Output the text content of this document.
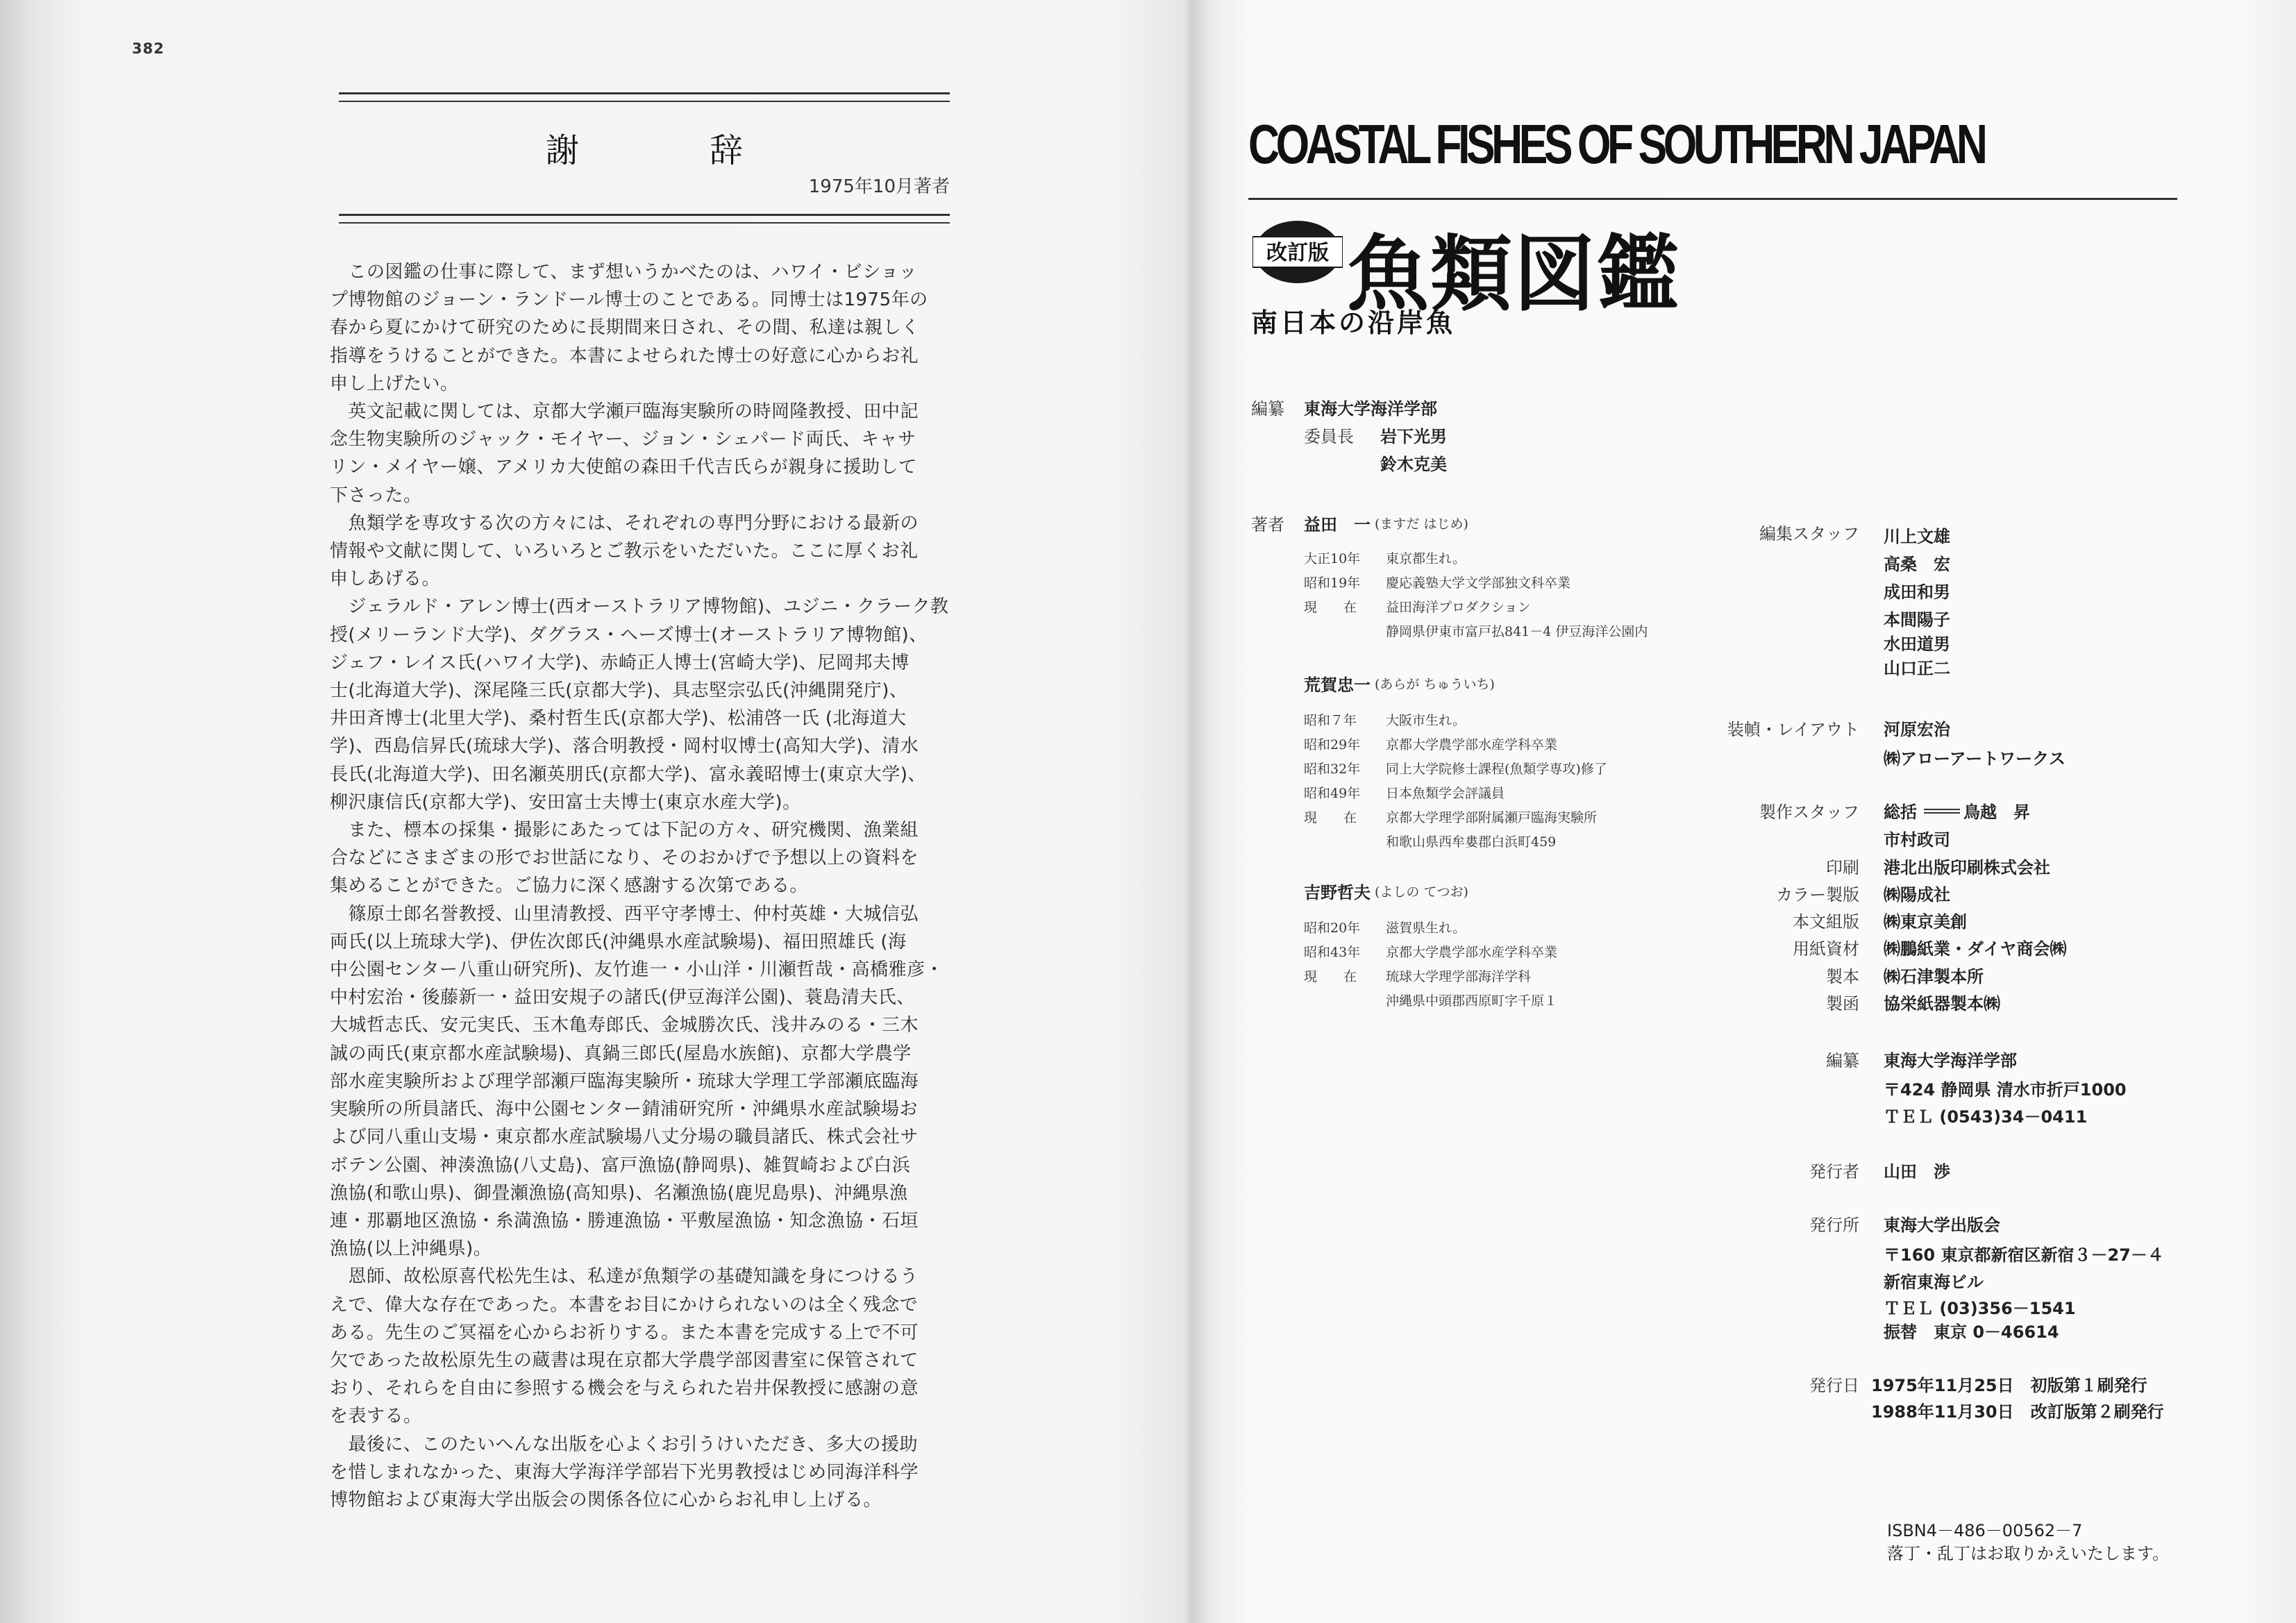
382
謝　辞
1975年10月著者
　この図鑑の仕事に際して、まず想いうかべたのは、ハワイ・ビショッ
プ博物館のジョーン・ランドール博士のことである。同博士は1975年の
春から夏にかけて研究のために長期間来日され、その間、私達は親しく
指導をうけることができた。本書によせられた博士の好意に心からお礼
申し上げたい。
　英文記載に関しては、京都大学瀬戸臨海実験所の時岡隆教授、田中記
念生物実験所のジャック・モイヤー、ジョン・シェパード両氏、キャサ
リン・メイヤー嬢、アメリカ大使館の森田千代吉氏らが親身に援助して
下さった。
　魚類学を専攻する次の方々には、それぞれの専門分野における最新の
情報や文献に関して、いろいろとご教示をいただいた。ここに厚くお礼
申しあげる。
　ジェラルド・アレン博士(西オーストラリア博物館)、ユジニ・クラーク教
授(メリーランド大学)、ダグラス・ヘーズ博士(オーストラリア博物館)、
ジェフ・レイス氏(ハワイ大学)、赤崎正人博士(宮崎大学)、尼岡邦夫博
士(北海道大学)、深尾隆三氏(京都大学)、具志堅宗弘氏(沖縄開発庁)、
井田斉博士(北里大学)、桑村哲生氏(京都大学)、松浦啓一氏 (北海道大
学)、西島信昇氏(琉球大学)、落合明教授・岡村収博士(高知大学)、清水
長氏(北海道大学)、田名瀬英朋氏(京都大学)、富永義昭博士(東京大学)、
柳沢康信氏(京都大学)、安田富士夫博士(東京水産大学)。
　また、標本の採集・撮影にあたっては下記の方々、研究機関、漁業組
合などにさまざまの形でお世話になり、そのおかげで予想以上の資料を
集めることができた。ご協力に深く感謝する次第である。
　篠原士郎名誉教授、山里清教授、西平守孝博士、仲村英雄・大城信弘
両氏(以上琉球大学)、伊佐次郎氏(沖縄県水産試験場)、福田照雄氏 (海
中公園センター八重山研究所)、友竹進一・小山洋・川瀬哲哉・高橋雅彦・
中村宏治・後藤新一・益田安規子の諸氏(伊豆海洋公園)、蓑島清夫氏、
大城哲志氏、安元実氏、玉木亀寿郎氏、金城勝次氏、浅井みのる・三木
誠の両氏(東京都水産試験場)、真鍋三郎氏(屋島水族館)、京都大学農学
部水産実験所および理学部瀬戸臨海実験所・琉球大学理工学部瀬底臨海
実験所の所員諸氏、海中公園センター錆浦研究所・沖縄県水産試験場お
よび同八重山支場・東京都水産試験場八丈分場の職員諸氏、株式会社サ
ボテン公園、神湊漁協(八丈島)、富戸漁協(静岡県)、雑賀崎および白浜
漁協(和歌山県)、御畳瀬漁協(高知県)、名瀬漁協(鹿児島県)、沖縄県漁
連・那覇地区漁協・糸満漁協・勝連漁協・平敷屋漁協・知念漁協・石垣
漁協(以上沖縄県)。
　恩師、故松原喜代松先生は、私達が魚類学の基礎知識を身につけるう
えで、偉大な存在であった。本書をお目にかけられないのは全く残念で
ある。先生のご冥福を心からお祈りする。また本書を完成する上で不可
欠であった故松原先生の蔵書は現在京都大学農学部図書室に保管されて
おり、それらを自由に参照する機会を与えられた岩井保教授に感謝の意
を表する。
　最後に、このたいへんな出版を心よくお引うけいただき、多大の援助
を惜しまれなかった、東海大学海洋学部岩下光男教授はじめ同海洋科学
博物館および東海大学出版会の関係各位に心からお礼申し上げる。
COASTAL FISHES OF SOUTHERN JAPAN
改訂版 魚類図鑑
南日本の沿岸魚
編纂 東海大学海洋学部
委員長 岩下光男
鈴木克美
著者 益田　一 (ますだ はじめ)
大正10年 東京都生れ。
昭和19年 慶応義塾大学文学部独文科卒業
現　　在 益田海洋プロダクション
静岡県伊東市富戸払841－4 伊豆海洋公園内
荒賀忠一 (あらが ちゅういち)
昭和７年 大阪市生れ。
昭和29年 京都大学農学部水産学科卒業
昭和32年 同上大学院修士課程(魚類学専攻)修了
昭和49年 日本魚類学会評議員
現　　在 京都大学理学部附属瀬戸臨海実験所
和歌山県西牟婁郡白浜町459
吉野哲夫 (よしの てつお)
昭和20年 滋賀県生れ。
昭和43年 京都大学農学部水産学科卒業
現　　在 琉球大学理学部海洋学科
沖縄県中頭郡西原町字千原１
編集スタッフ 川上文雄
高桑　宏
成田和男
本間陽子
水田道男
山口正二
装幀・レイアウト 河原宏治
㈱アローアートワークス
製作スタッフ 総括	鳥越　昇
市村政司
印刷 港北出版印刷株式会社
カラー製版 ㈱陽成社
本文組版 ㈱東京美創
用紙資材 ㈱鵬紙業・ダイヤ商会㈱
製本 ㈱石津製本所
製函 協栄紙器製本㈱
編纂 東海大学海洋学部
〒424 静岡県 清水市折戸1000
ＴＥＬ (0543)34－0411
発行者 山田　渉
発行所 東海大学出版会
〒160 東京都新宿区新宿３－27－４
新宿東海ビル
ＴＥＬ (03)356－1541
振替　東京 0－46614
発行日 1975年11月25日　初版第１刷発行
1988年11月30日　改訂版第２刷発行
ISBN4－486－00562－7
落丁・乱丁はお取りかえいたします。
